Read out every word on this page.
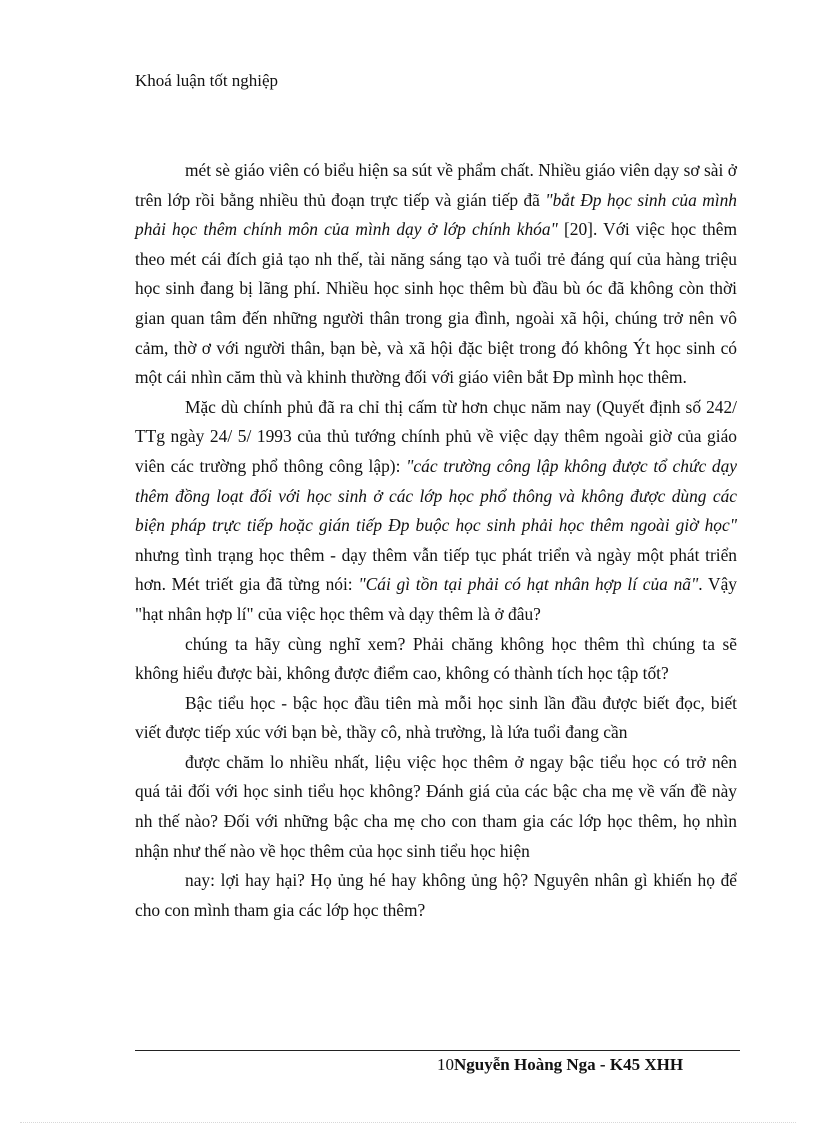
Khoá luận tốt nghiệp

mét sè giáo viên có biểu hiện sa sút về phẩm chất. Nhiều giáo viên dạy sơ sài ở trên lớp rồi bằng nhiều thủ đoạn trực tiếp và gián tiếp đã "bắt Ðp học sinh của mình phải học thêm chính môn của mình dạy ở lớp chính khóa" [20]. Với việc học thêm theo mét cái đích giả tạo nh thế, tài năng sáng tạo và tuổi trẻ đáng quí của hàng triệu học sinh đang bị lãng phí. Nhiều học sinh học thêm bù đầu bù óc đã không còn thời gian quan tâm đến những người thân trong gia đình, ngoài xã hội, chúng trở nên vô cảm, thờ ơ với người thân, bạn bè, và xã hội đặc biệt trong đó không Ýt học sinh có một cái nhìn căm thù và khinh thường đối với giáo viên bắt Ðp mình học thêm.

Mặc dù chính phủ đã ra chỉ thị cấm từ hơn chục năm nay (Quyết định số 242/ TTg ngày 24/ 5/ 1993 của thủ tướng chính phủ về việc dạy thêm ngoài giờ của giáo viên các trường phổ thông công lập): "các trường công lập không được tổ chức dạy thêm đồng loạt đối với học sinh ở các lớp học phổ thông và không được dùng các biện pháp trực tiếp hoặc gián tiếp Ðp buộc học sinh phải học thêm ngoài giờ học" nhưng tình trạng học thêm - dạy thêm vẫn tiếp tục phát triển và ngày một phát triển hơn. Mét triết gia đã từng nói: "Cái gì tồn tại phải có hạt nhân hợp lí của nã". Vậy "hạt nhân hợp lí" của việc học thêm và dạy thêm là ở đâu?

chúng ta hãy cùng nghĩ xem? Phải chăng không học thêm thì chúng ta sẽ không hiểu được bài, không được điểm cao, không có thành tích học tập tốt?

Bậc tiểu học - bậc học đầu tiên mà mỗi học sinh lần đầu được biết đọc, biết viết được tiếp xúc với bạn bè, thầy cô, nhà trường, là lứa tuổi đang cần

được chăm lo nhiều nhất, liệu việc học thêm ở ngay bậc tiểu học có trở nên quá tải đối với học sinh tiểu học không? Đánh giá của các bậc cha mẹ về vấn đề này nh thế nào? Đối với những bậc cha mẹ cho con tham gia các lớp học thêm, họ nhìn nhận như thế nào về học thêm của học sinh tiểu học hiện

nay: lợi hay hại? Họ ủng hé hay không ủng hộ? Nguyên nhân gì khiến họ để cho con mình tham gia các lớp học thêm?

10Nguyễn Hoàng Nga - K45 XHH
